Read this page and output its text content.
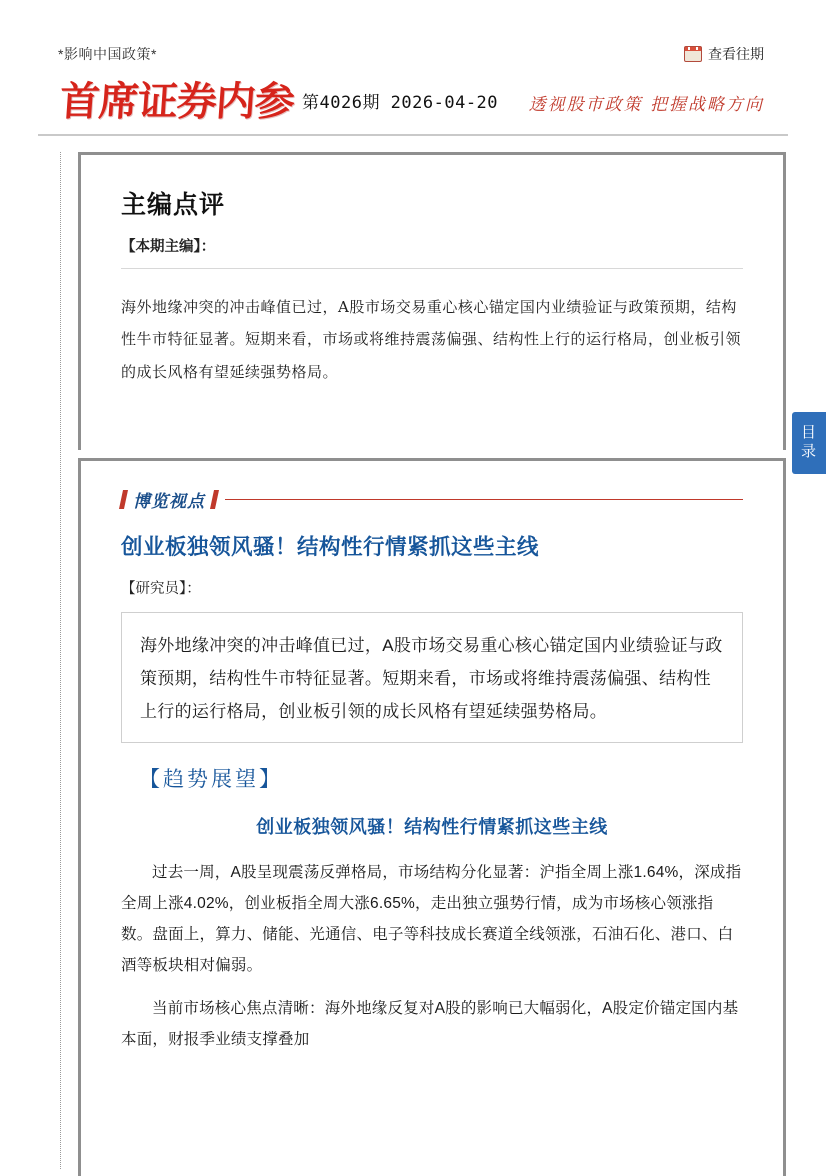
*影响中国政策*	查看往期
首席证券内参 第4026期 2026-04-20 透视股市政策 把握战略方向
主编点评
【本期主编】：
海外地缘冲突的冲击峰值已过，A股市场交易重心核心锚定国内业绩验证与政策预期，结构性牛市特征显著。短期来看，市场或将维持震荡偏强、结构性上行的运行格局，创业板引领的成长风格有望延续强势格局。
博览视点
创业板独领风骚！结构性行情紧抓这些主线
【研究员】：
海外地缘冲突的冲击峰值已过，A股市场交易重心核心锚定国内业绩验证与政策预期，结构性牛市特征显著。短期来看，市场或将维持震荡偏强、结构性上行的运行格局，创业板引领的成长风格有望延续强势格局。
【趋势展望】
创业板独领风骚！结构性行情紧抓这些主线

过去一周，A股呈现震荡反弹格局，市场结构分化显著：沪指全周上涨1.64%，深成指全周上涨4.02%，创业板指全周大涨6.65%，走出独立强势行情，成为市场核心领涨指数。盘面上，算力、储能、光通信、电子等科技成长赛道全线领涨，石油石化、港口、白酒等板块相对偏弱。

当前市场核心焦点清晰：海外地缘反复对A股的影响已大幅弱化，A股定价锚定国内基本面，财报季业绩支撑叠加

目录
